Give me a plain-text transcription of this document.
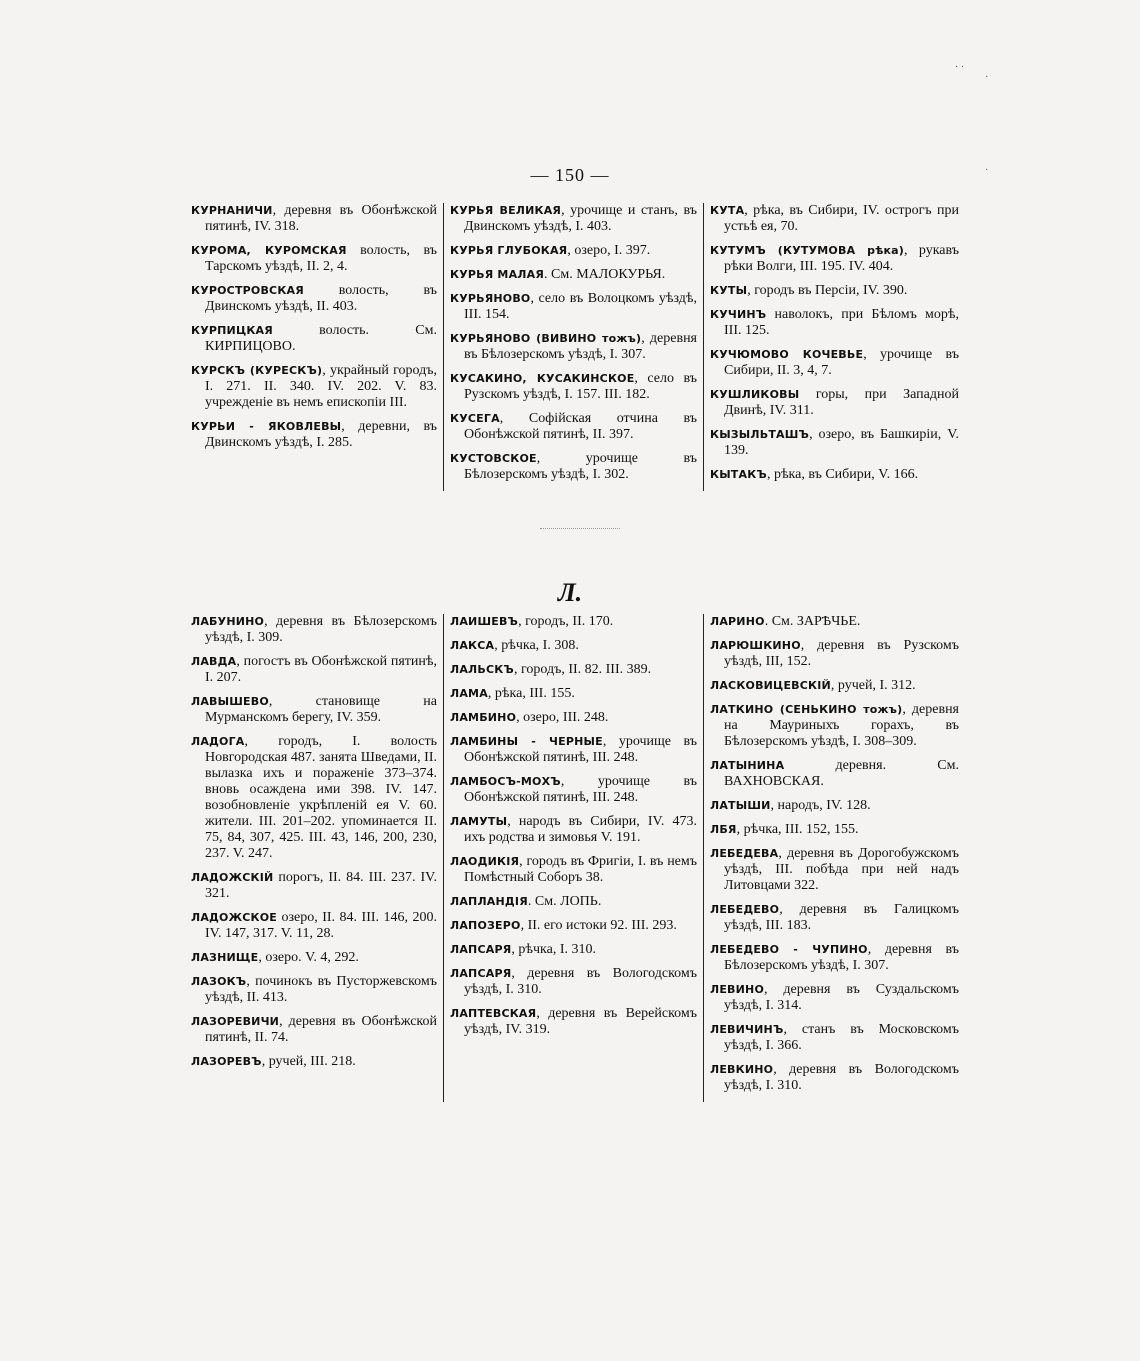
— 150 —
КУРНАНИЧИ, деревня въ Обонѣжской пятинѣ, IV. 318.
КУРОМА, КУРОМСКАЯ волость, въ Тарскомъ уѣздѣ, II. 2, 4.
КУРОСТРОВСКАЯ волость, въ Двинскомъ уѣздѣ, II. 403.
КУРПИЦКАЯ волость. См. КИРПИЦОВО.
КУРСКЪ (КУРЕСКЪ), украйный городъ, I. 271. II. 340. IV. 202. V. 83. учрежденіе въ немъ епископіи III.
КУРЬИ - ЯКОВЛЕВЫ, деревни, въ Двинскомъ уѣздѣ, I. 285.
КУРЬЯ ВЕЛИКАЯ, урочище и станъ, въ Двинскомъ уѣздѣ, I. 403.
КУРЬЯ ГЛУБОКАЯ, озеро, I. 397.
КУРЬЯ МАЛАЯ. См. МАЛОКУРЬЯ.
КУРЬЯНОВО, село въ Волоцкомъ уѣздѣ, III. 154.
КУРЬЯНОВО (ВИВИНО тожъ), деревня въ Бѣлозерскомъ уѣздѣ, I. 307.
КУСАКИНО, КУСАКИНСКОЕ, село въ Рузскомъ уѣздѣ, I. 157. III. 182.
КУСЕГА, Софійская отчина въ Обонѣжской пятинѣ, II. 397.
КУСТОВСКОЕ, урочище въ Бѣлозерскомъ уѣздѣ, I. 302.
КУТА, рѣка, въ Сибири, IV. острогъ при устьѣ ея, 70.
КУТУМЪ (КУТУМОВА рѣка), рукавъ рѣки Волги, III. 195. IV. 404.
КУТЫ, городъ въ Персіи, IV. 390.
КУЧИНЪ наволокъ, при Бѣломъ морѣ, III. 125.
КУЧЮМОВО КОЧЕВЬЕ, урочище въ Сибири, II. 3, 4, 7.
КУШЛИКОВЫ горы, при Западной Двинѣ, IV. 311.
КЫЗЫЛЬТАШЪ, озеро, въ Башкиріи, V. 139.
КЫТАКЪ, рѣка, въ Сибири, V. 166.
Л.
ЛАБУНИНО, деревня въ Бѣлозерскомъ уѣздѣ, I. 309.
ЛАВДА, погостъ въ Обонѣжской пятинѣ, I. 207.
ЛАВЫШЕВО, становище на Мурманскомъ берегу, IV. 359.
ЛАДОГА, городъ, I. волость Новгородская 487. занята Шведами, II. вылазка ихъ и пораженіе 373–374. вновь осаждена ими 398. IV. 147. возобновленіе укрѣпленій ея V. 60. жители. III. 201–202. упоминается II. 75, 84, 307, 425. III. 43, 146, 200, 230, 237. V. 247.
ЛАДОЖСКІЙ порогъ, II. 84. III. 237. IV. 321.
ЛАДОЖСКОЕ озеро, II. 84. III. 146, 200. IV. 147, 317. V. 11, 28.
ЛАЗНИЩЕ, озеро. V. 4, 292.
ЛАЗОКЪ, починокъ въ Пусторжевскомъ уѣздѣ, II. 413.
ЛАЗОРЕВИЧИ, деревня въ Обонѣжской пятинѣ, II. 74.
ЛАЗОРЕВЪ, ручей, III. 218.
ЛАИШЕВЪ, городъ, II. 170.
ЛАКСА, рѣчка, I. 308.
ЛАЛЬСКЪ, городъ, II. 82. III. 389.
ЛАМА, рѣка, III. 155.
ЛАМБИНО, озеро, III. 248.
ЛАМБИНЫ - ЧЕРНЫЕ, урочище въ Обонѣжской пятинѣ, III. 248.
ЛАМБОСЪ-МОХЪ, урочище въ Обонѣжской пятинѣ, III. 248.
ЛАМУТЫ, народъ въ Сибири, IV. 473. ихъ родства и зимовья V. 191.
ЛАОДИКІЯ, городъ въ Фригіи, I. въ немъ Помѣстный Соборъ 38.
ЛАПЛАНДІЯ. См. ЛОПЬ.
ЛАПОЗЕРО, II. его истоки 92. III. 293.
ЛАПСАРЯ, рѣчка, I. 310.
ЛАПСАРЯ, деревня въ Вологодскомъ уѣздѣ, I. 310.
ЛАПТЕВСКАЯ, деревня въ Верейскомъ уѣздѣ, IV. 319.
ЛАРИНО. См. ЗАРѢЧЬЕ.
ЛАРЮШКИНО, деревня въ Рузскомъ уѣздѣ, III, 152.
ЛАСКОВИЦЕВСКІЙ, ручей, I. 312.
ЛАТКИНО (СЕНЬКИНО тожъ), деревня на Мауриныхъ горахъ, въ Бѣлозерскомъ уѣздѣ, I. 308–309.
ЛАТЫНИНА деревня. См. ВАХНОВСКАЯ.
ЛАТЫШИ, народъ, IV. 128.
ЛБЯ, рѣчка, III. 152, 155.
ЛЕБЕДЕВА, деревня въ Дорогобужскомъ уѣздѣ, III. побѣда при ней надъ Литовцами 322.
ЛЕБЕДЕВО, деревня въ Галицкомъ уѣздѣ, III. 183.
ЛЕБЕДЕВО - ЧУПИНО, деревня въ Бѣлозерскомъ уѣздѣ, I. 307.
ЛЕВИНО, деревня въ Суздальскомъ уѣздѣ, I. 314.
ЛЕВИЧИНЪ, станъ въ Московскомъ уѣздѣ, I. 366.
ЛЕВКИНО, деревня въ Вологодскомъ уѣздѣ, I. 310.
· ·
·
·
